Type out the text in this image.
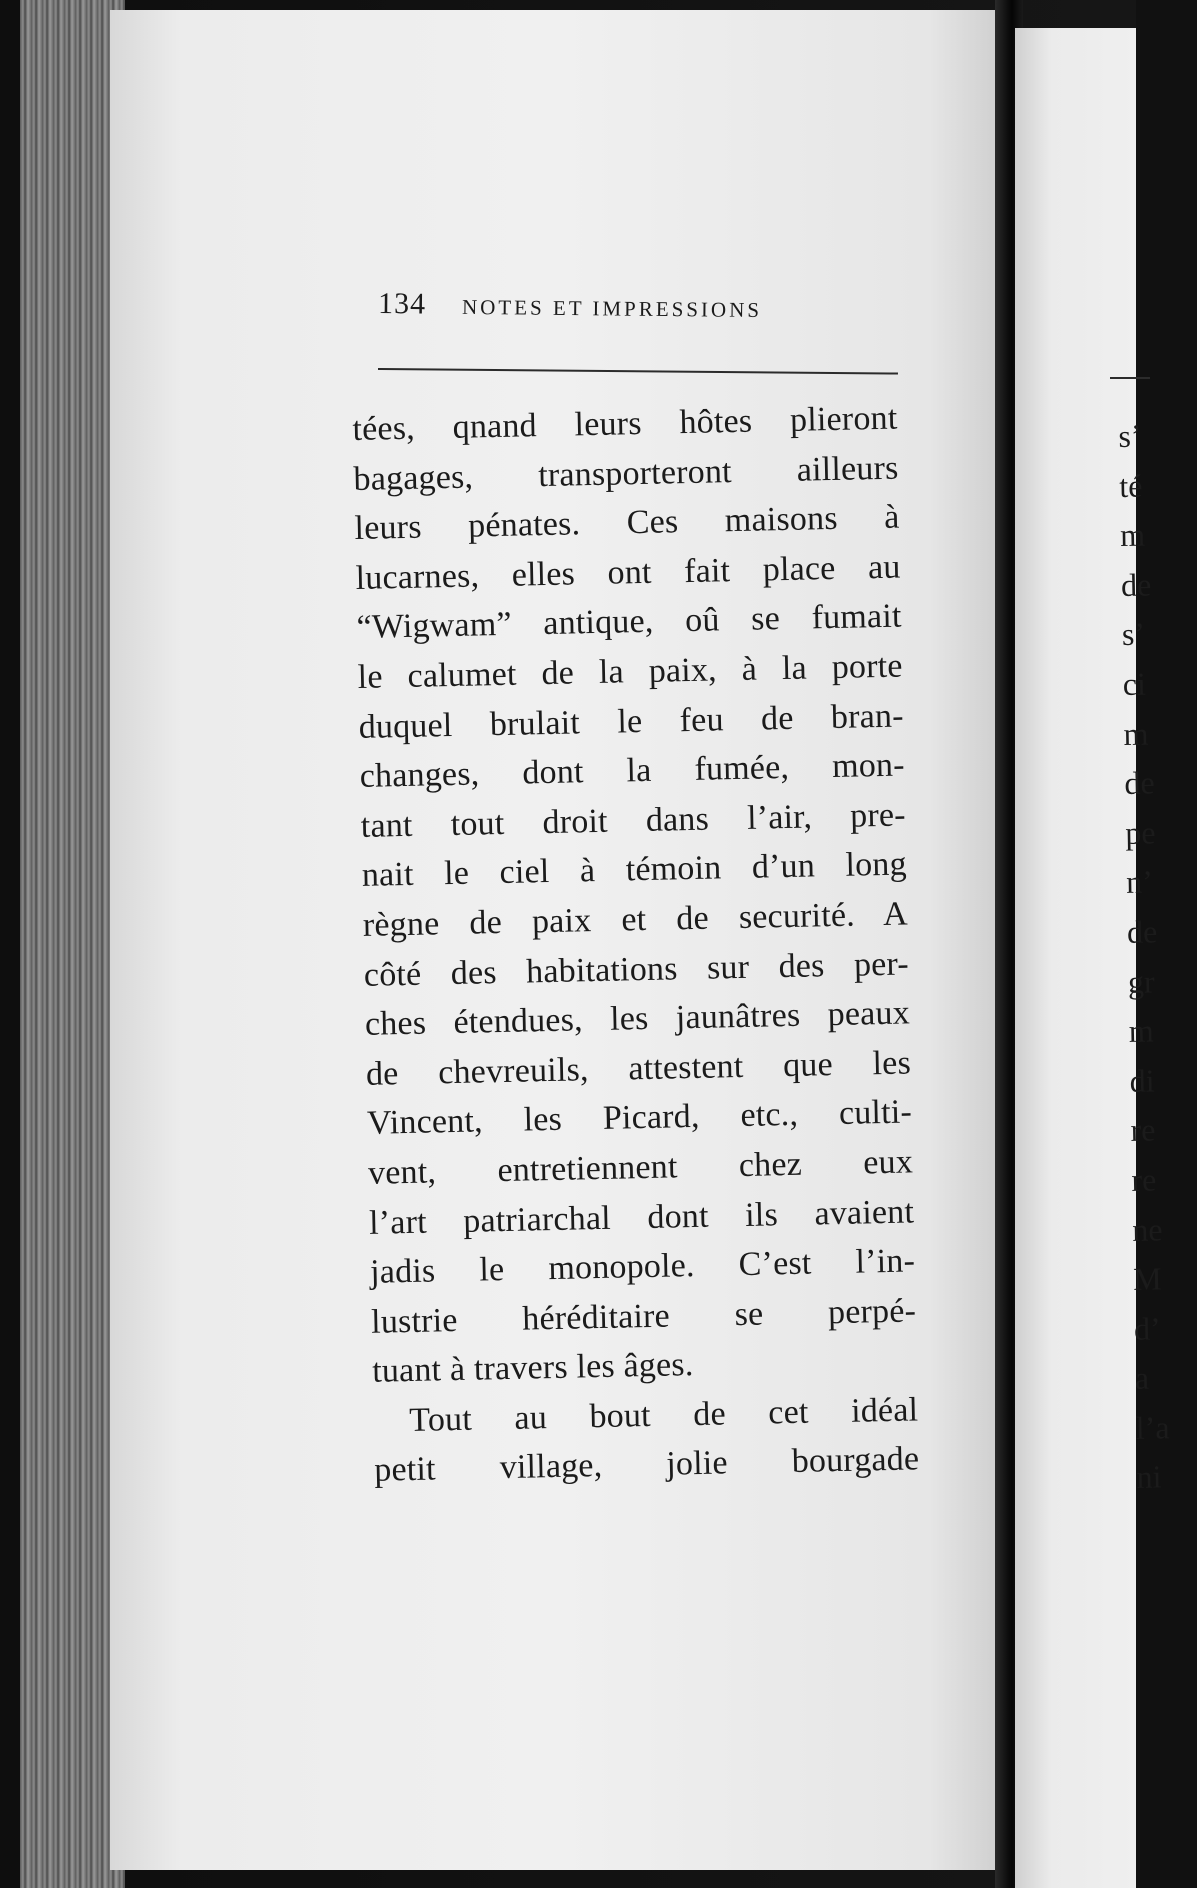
134 NOTES ET IMPRESSIONS
tées, qnand leurs hôtes plieront
bagages, transporteront ailleurs
leurs pénates. Ces maisons à
lucarnes, elles ont fait place au
“Wigwam” antique, oû se fumait
le calumet de la paix, à la porte
duquel brulait le feu de bran-
changes, dont la fumée, mon-
tant tout droit dans l’air, pre-
nait le ciel à témoin d’un long
règne de paix et de securité. A
côté des habitations sur des per-
ches étendues, les jaunâtres peaux
de chevreuils, attestent que les
Vincent, les Picard, etc., culti-
vent, entretiennent chez eux
l’art patriarchal dont ils avaient
jadis le monopole. C’est l’in-
lustrie héréditaire se perpé-
tuant à travers les âges.
Tout au bout de cet idéal
petit village, jolie bourgade
s’
té
m
de
s’
ci
m
de
pe
n’
de
gr
m
di
re
re
ne
M
d’
a
l’a
ni
